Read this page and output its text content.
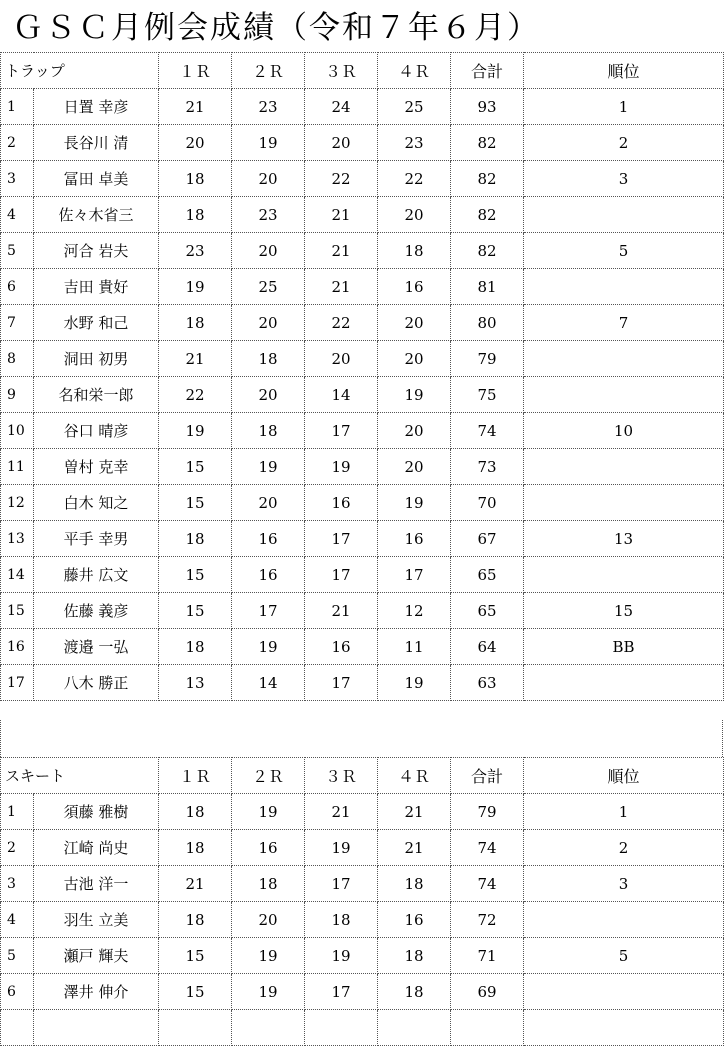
ＧＳＣ月例会成績（令和７年６月）
トラップ		１Ｒ	２Ｒ	３Ｒ	４Ｒ	合計	順位
1	日置 幸彦	21	23	24	25	93	1
2	長谷川 清	20	19	20	23	82	2
3	冨田 卓美	18	20	22	22	82	3
4	佐々木省三	18	23	21	20	82	
5	河合 岩夫	23	20	21	18	82	5
6	吉田 貴好	19	25	21	16	81	
7	水野 和己	18	20	22	20	80	7
8	洞田 初男	21	18	20	20	79	
9	名和栄一郎	22	20	14	19	75	
10	谷口 晴彦	19	18	17	20	74	10
11	曽村 克幸	15	19	19	20	73	
12	白木 知之	15	20	16	19	70	
13	平手 幸男	18	16	17	16	67	13
14	藤井 広文	15	16	17	17	65	
15	佐藤 義彦	15	17	21	12	65	15
16	渡邉 一弘	18	19	16	11	64	BB
17	八木 勝正	13	14	17	19	63	
スキート		１Ｒ	２Ｒ	３Ｒ	４Ｒ	合計	順位
1	須藤 雅樹	18	19	21	21	79	1
2	江崎 尚史	18	16	19	21	74	2
3	古池 洋一	21	18	17	18	74	3
4	羽生 立美	18	20	18	16	72	
5	瀬戸 輝夫	15	19	19	18	71	5
6	澤井 伸介	15	19	17	18	69	
